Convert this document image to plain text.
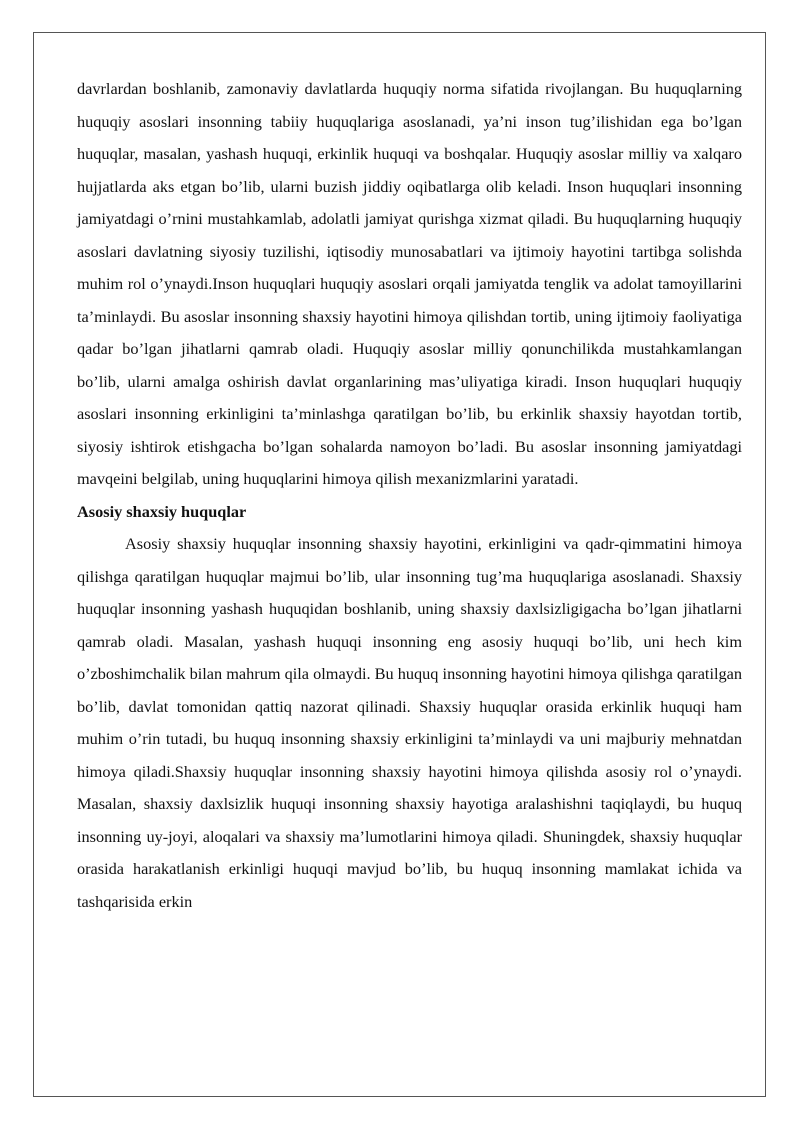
davrlardan boshlanib, zamonaviy davlatlarda huquqiy norma sifatida rivojlangan. Bu huquqlarning huquqiy asoslari insonning tabiiy huquqlariga asoslanadi, ya’ni inson tug’ilishidan ega bo’lgan huquqlar, masalan, yashash huquqi, erkinlik huquqi va boshqalar. Huquqiy asoslar milliy va xalqaro hujjatlarda aks etgan bo’lib, ularni buzish jiddiy oqibatlarga olib keladi. Inson huquqlari insonning jamiyatdagi o’rnini mustahkamlab, adolatli jamiyat qurishga xizmat qiladi. Bu huquqlarning huquqiy asoslari davlatning siyosiy tuzilishi, iqtisodiy munosabatlari va ijtimoiy hayotini tartibga solishda muhim rol o’ynaydi.Inson huquqlari huquqiy asoslari orqali jamiyatda tenglik va adolat tamoyillarini ta’minlaydi. Bu asoslar insonning shaxsiy hayotini himoya qilishdan tortib, uning ijtimoiy faoliyatiga qadar bo’lgan jihatlarni qamrab oladi. Huquqiy asoslar milliy qonunchilikda mustahkamlangan bo’lib, ularni amalga oshirish davlat organlarining mas’uliyatiga kiradi. Inson huquqlari huquqiy asoslari insonning erkinligini ta’minlashga qaratilgan bo’lib, bu erkinlik shaxsiy hayotdan tortib, siyosiy ishtirok etishgacha bo’lgan sohalarda namoyon bo’ladi. Bu asoslar insonning jamiyatdagi mavqeini belgilab, uning huquqlarini himoya qilish mexanizmlarini yaratadi.

Asosiy shaxsiy huquqlar

Asosiy shaxsiy huquqlar insonning shaxsiy hayotini, erkinligini va qadr-qimmatini himoya qilishga qaratilgan huquqlar majmui bo’lib, ular insonning tug’ma huquqlariga asoslanadi. Shaxsiy huquqlar insonning yashash huquqidan boshlanib, uning shaxsiy daxlsizligigacha bo’lgan jihatlarni qamrab oladi. Masalan, yashash huquqi insonning eng asosiy huquqi bo’lib, uni hech kim o’zboshimchalik bilan mahrum qila olmaydi. Bu huquq insonning hayotini himoya qilishga qaratilgan bo’lib, davlat tomonidan qattiq nazorat qilinadi. Shaxsiy huquqlar orasida erkinlik huquqi ham muhim o’rin tutadi, bu huquq insonning shaxsiy erkinligini ta’minlaydi va uni majburiy mehnatdan himoya qiladi.Shaxsiy huquqlar insonning shaxsiy hayotini himoya qilishda asosiy rol o’ynaydi. Masalan, shaxsiy daxlsizlik huquqi insonning shaxsiy hayotiga aralashishni taqiqlaydi, bu huquq insonning uy-joyi, aloqalari va shaxsiy ma’lumotlarini himoya qiladi. Shuningdek, shaxsiy huquqlar orasida harakatlanish erkinligi huquqi mavjud bo’lib, bu huquq insonning mamlakat ichida va tashqarisida erkin
